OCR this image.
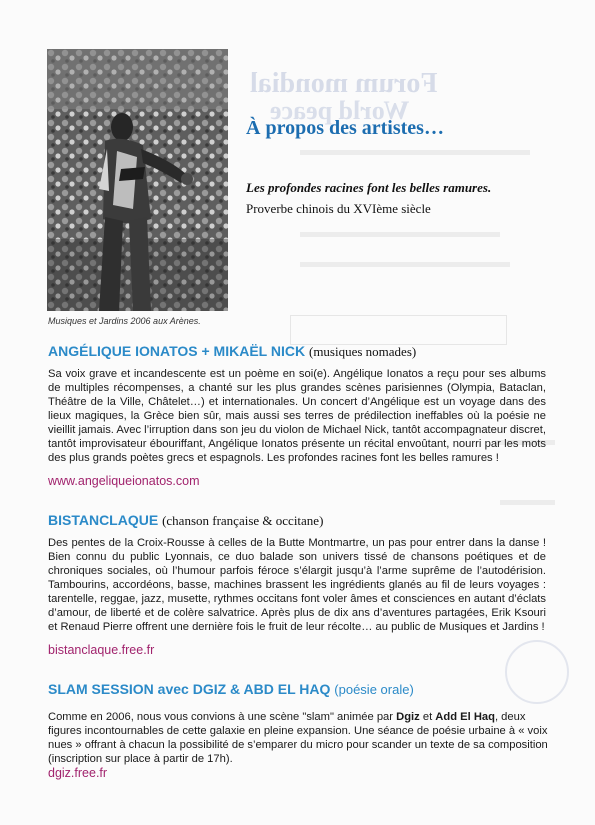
Forum mondial
World peace
Musiques et Jardins 2006 aux Arènes.
À propos des artistes…
Les profondes racines font les belles ramures.
Proverbe chinois du XVIème siècle
ANGÉLIQUE IONATOS + MIKAËL NICK (musiques nomades)
Sa voix grave et incandescente est un poème en soi(e). Angélique Ionatos a reçu pour ses albums de multiples récompenses, a chanté sur les plus grandes scènes parisiennes (Olympia, Bataclan, Théâtre de la Ville, Châtelet…) et internationales. Un concert d’Angélique est un voyage dans des lieux magiques, la Grèce bien sûr, mais aussi ses terres de prédilection ineffables où la poésie ne vieillit jamais. Avec l’irruption dans son jeu du violon de Michael Nick, tantôt accompagnateur discret, tantôt improvisateur ébouriffant, Angélique Ionatos présente un récital envoûtant, nourri par les mots des plus grands poètes grecs et espagnols. Les profondes racines font les belles ramures !
www.angeliqueionatos.com
BISTANCLAQUE (chanson française & occitane)
Des pentes de la Croix-Rousse à celles de la Butte Montmartre, un pas pour entrer dans la danse ! Bien connu du public Lyonnais, ce duo balade son univers tissé de chansons poétiques et de chroniques sociales, où l’humour parfois féroce s’élargit jusqu’à l’arme suprême de l’autodérision. Tambourins, accordéons, basse, machines brassent les ingrédients glanés au fil de leurs voyages : tarentelle, reggae, jazz, musette, rythmes occitans font voler âmes et consciences en autant d’éclats d’amour, de liberté et de colère salvatrice. Après plus de dix ans d’aventures partagées, Erik Ksouri et Renaud Pierre offrent une dernière fois le fruit de leur récolte… au public de Musiques et Jardins !
bistanclaque.free.fr
SLAM SESSION avec DGIZ & ABD EL HAQ (poésie orale)
Comme en 2006, nous vous convions à une scène "slam" animée par Dgiz et Add El Haq, deux figures incontournables de cette galaxie en pleine expansion. Une séance de poésie urbaine à « voix nues » offrant à chacun la possibilité de s’emparer du micro pour scander un texte de sa composition (inscription sur place à partir de 17h).
dgiz.free.fr
